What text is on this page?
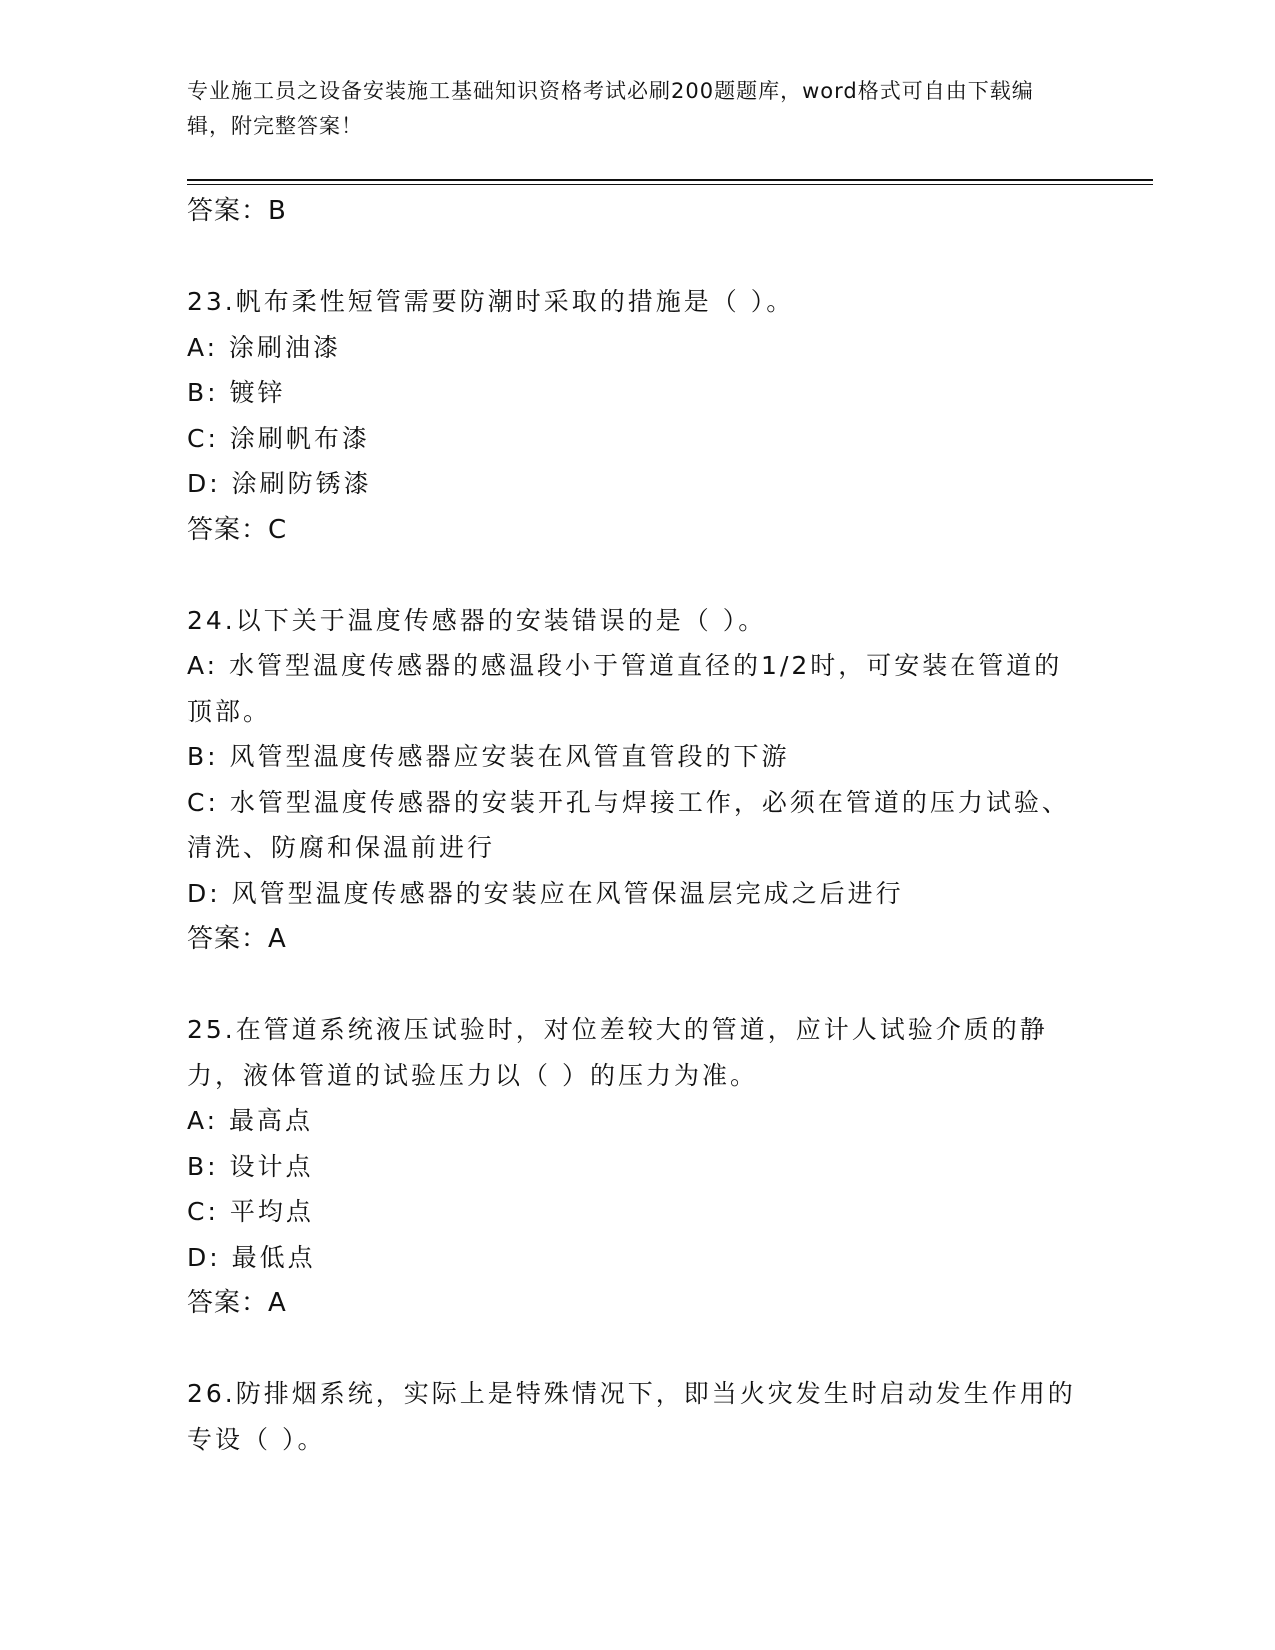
专业施工员之设备安装施工基础知识资格考试必刷200题题库，word格式可自由下载编辑，附完整答案！
答案：B
23.帆布柔性短管需要防潮时采取的措施是（ ）。
A: 涂刷油漆
B: 镀锌
C: 涂刷帆布漆
D: 涂刷防锈漆
答案：C
24.以下关于温度传感器的安装错误的是（ ）。
A: 水管型温度传感器的感温段小于管道直径的1/2时，可安装在管道的顶部。
B: 风管型温度传感器应安装在风管直管段的下游
C: 水管型温度传感器的安装开孔与焊接工作，必须在管道的压力试验、清洗、防腐和保温前进行
D: 风管型温度传感器的安装应在风管保温层完成之后进行
答案：A
25.在管道系统液压试验时，对位差较大的管道，应计人试验介质的静力，液体管道的试验压力以（ ）的压力为准。
A: 最高点
B: 设计点
C: 平均点
D: 最低点
答案：A
26.防排烟系统，实际上是特殊情况下，即当火灾发生时启动发生作用的专设（ ）。
